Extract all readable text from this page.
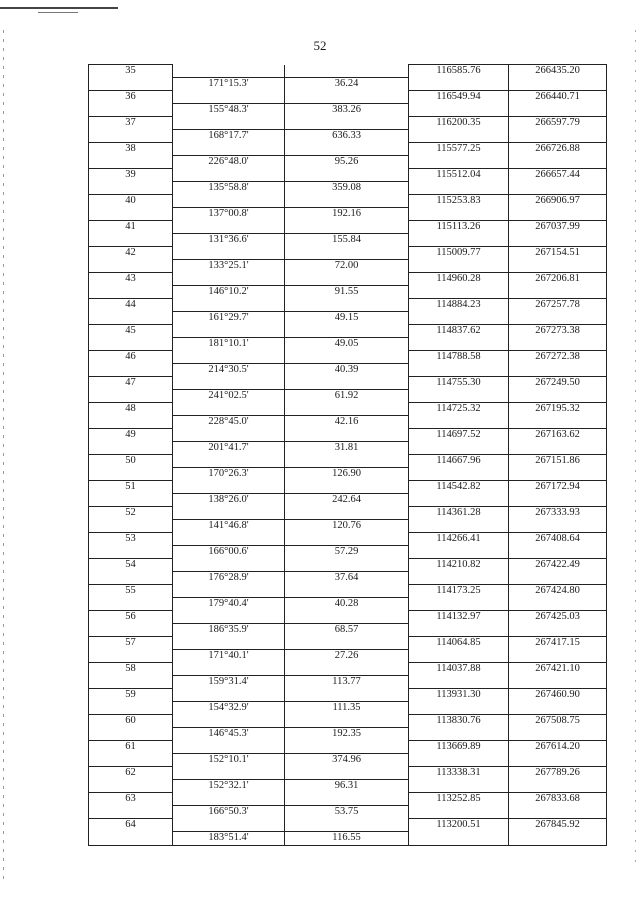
52
35			116585.76	266435.20
	171°15.3'	36.24		
36			116549.94	266440.71
	155°48.3'	383.26		
37			116200.35	266597.79
	168°17.7'	636.33		
38			115577.25	266726.88
	226°48.0'	95.26		
39			115512.04	266657.44
	135°58.8'	359.08		
40			115253.83	266906.97
	137°00.8'	192.16		
41			115113.26	267037.99
	131°36.6'	155.84		
42			115009.77	267154.51
	133°25.1'	72.00		
43			114960.28	267206.81
	146°10.2'	91.55		
44			114884.23	267257.78
	161°29.7'	49.15		
45			114837.62	267273.38
	181°10.1'	49.05		
46			114788.58	267272.38
	214°30.5'	40.39		
47			114755.30	267249.50
	241°02.5'	61.92		
48			114725.32	267195.32
	228°45.0'	42.16		
49			114697.52	267163.62
	201°41.7'	31.81		
50			114667.96	267151.86
	170°26.3'	126.90		
51			114542.82	267172.94
	138°26.0'	242.64		
52			114361.28	267333.93
	141°46.8'	120.76		
53			114266.41	267408.64
	166°00.6'	57.29		
54			114210.82	267422.49
	176°28.9'	37.64		
55			114173.25	267424.80
	179°40.4'	40.28		
56			114132.97	267425.03
	186°35.9'	68.57		
57			114064.85	267417.15
	171°40.1'	27.26		
58			114037.88	267421.10
	159°31.4'	113.77		
59			113931.30	267460.90
	154°32.9'	111.35		
60			113830.76	267508.75
	146°45.3'	192.35		
61			113669.89	267614.20
	152°10.1'	374.96		
62			113338.31	267789.26
	152°32.1'	96.31		
63			113252.85	267833.68
	166°50.3'	53.75		
64			113200.51	267845.92
	183°51.4'	116.55		
